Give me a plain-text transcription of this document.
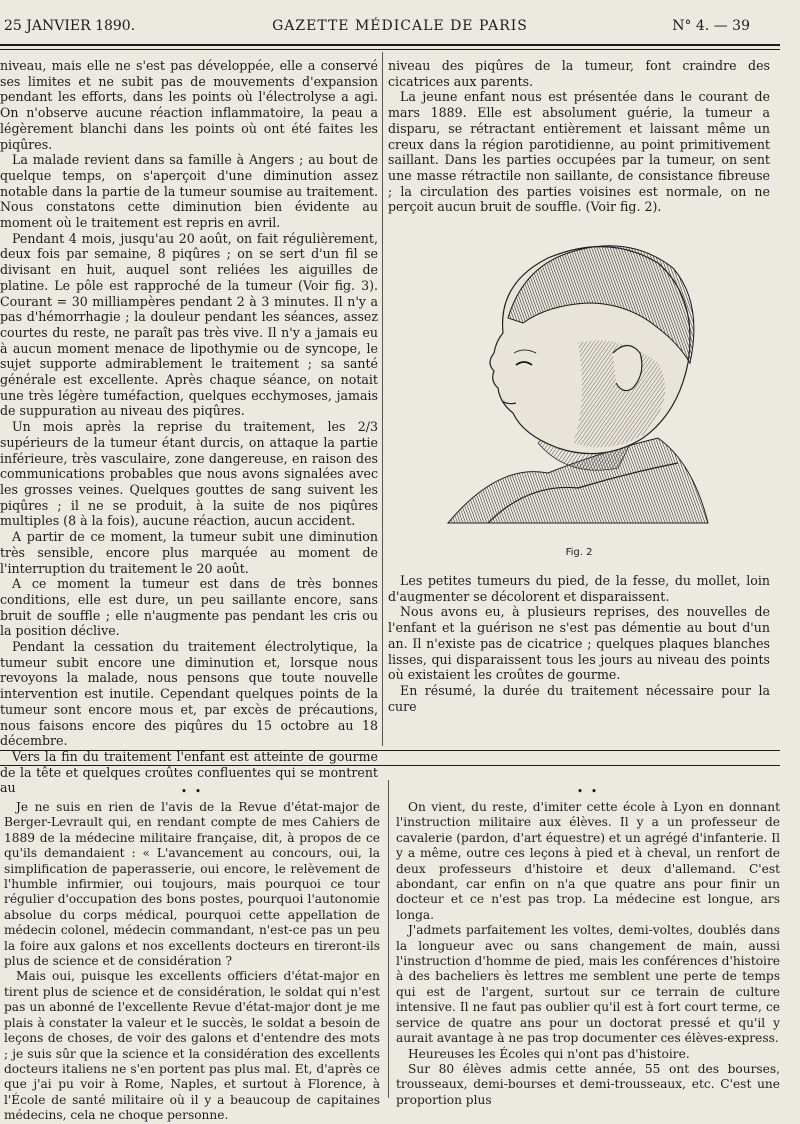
25 JANVIER 1890.	GAZETTE MÉDICALE DE PARIS	N° 4. — 39

niveau, mais elle ne s'est pas développée, elle a conservé ses limites et ne subit pas de mouvements d'expansion pendant les efforts, dans les points où l'électrolyse a agi. On n'observe aucune réaction inflammatoire, la peau a légèrement blanchi dans les points où ont été faites les piqûres.

La malade revient dans sa famille à Angers ; au bout de quelque temps, on s'aperçoit d'une diminution assez notable dans la partie de la tumeur soumise au traitement. Nous constatons cette diminution bien évidente au moment où le traitement est repris en avril.

Pendant 4 mois, jusqu'au 20 août, on fait régulièrement, deux fois par semaine, 8 piqûres ; on se sert d'un fil se divisant en huit, auquel sont reliées les aiguilles de platine. Le pôle est rapproché de la tumeur (Voir fig. 3). Courant = 30 milliampères pendant 2 à 3 minutes. Il n'y a pas d'hémorrhagie ; la douleur pendant les séances, assez courtes du reste, ne paraît pas très vive. Il n'y a jamais eu à aucun moment menace de lipothymie ou de syncope, le sujet supporte admirablement le traitement ; sa santé générale est excellente. Après chaque séance, on notait une très légère tuméfaction, quelques ecchymoses, jamais de suppuration au niveau des piqûres.

Un mois après la reprise du traitement, les 2/3 supérieurs de la tumeur étant durcis, on attaque la partie inférieure, très vasculaire, zone dangereuse, en raison des communications probables que nous avons signalées avec les grosses veines. Quelques gouttes de sang suivent les piqûres ; il ne se produit, à la suite de nos piqûres multiples (8 à la fois), aucune réaction, aucun accident.

A partir de ce moment, la tumeur subit une diminution très sensible, encore plus marquée au moment de l'interruption du traitement le 20 août.

A ce moment la tumeur est dans de très bonnes conditions, elle est dure, un peu saillante encore, sans bruit de souffle ; elle n'augmente pas pendant les cris ou la position déclive.

Pendant la cessation du traitement électrolytique, la tumeur subit encore une diminution et, lorsque nous revoyons la malade, nous pensons que toute nouvelle intervention est inutile. Cependant quelques points de la tumeur sont encore mous et, par excès de précautions, nous faisons encore des piqûres du 15 octobre au 18 décembre.

Vers la fin du traitement l'enfant est atteinte de gourme de la tête et quelques croûtes confluentes qui se montrent au

niveau des piqûres de la tumeur, font craindre des cicatrices aux parents.

La jeune enfant nous est présentée dans le courant de mars 1889. Elle est absolument guérie, la tumeur a disparu, se rétractant entièrement et laissant même un creux dans la région parotidienne, au point primitivement saillant. Dans les parties occupées par la tumeur, on sent une masse rétractile non saillante, de consistance fibreuse ; la circulation des parties voisines est normale, on ne perçoit aucun bruit de souffle. (Voir fig. 2).

Fig. 2

Les petites tumeurs du pied, de la fesse, du mollet, loin d'augmenter se décolorent et disparaissent.

Nous avons eu, à plusieurs reprises, des nouvelles de l'enfant et la guérison ne s'est pas démentie au bout d'un an. Il n'existe pas de cicatrice ; quelques plaques blanches lisses, qui disparaissent tous les jours au niveau des points où existaient les croûtes de gourme.

En résumé, la durée du traitement nécessaire pour la cure

• •

Je ne suis en rien de l'avis de la Revue d'état-major de Berger-Levrault qui, en rendant compte de mes Cahiers de 1889 de la médecine militaire française, dit, à propos de ce qu'ils demandaient : « L'avancement au concours, oui, la simplification de paperasserie, oui encore, le relèvement de l'humble infirmier, oui toujours, mais pourquoi ce tour régulier d'occupation des bons postes, pourquoi l'autonomie absolue du corps médical, pourquoi cette appellation de médecin colonel, médecin commandant, n'est-ce pas un peu la foire aux galons et nos excellents docteurs en tireront-ils plus de science et de considération ?

Mais oui, puisque les excellents officiers d'état-major en tirent plus de science et de considération, le soldat qui n'est pas un abonné de l'excellente Revue d'état-major dont je me plais à constater la valeur et le succès, le soldat a besoin de leçons de choses, de voir des galons et d'entendre des mots ; je suis sûr que la science et la considération des excellents docteurs italiens ne s'en portent pas plus mal. Et, d'après ce que j'ai pu voir à Rome, Naples, et surtout à Florence, à l'École de santé militaire où il y a beaucoup de capitaines médecins, cela ne choque personne.

• •

On vient, du reste, d'imiter cette école à Lyon en donnant l'instruction militaire aux élèves. Il y a un professeur de cavalerie (pardon, d'art équestre) et un agrégé d'infanterie. Il y a même, outre ces leçons à pied et à cheval, un renfort de deux professeurs d'histoire et deux d'allemand. C'est abondant, car enfin on n'a que quatre ans pour finir un docteur et ce n'est pas trop. La médecine est longue, ars longa.

J'admets parfaitement les voltes, demi-voltes, doublés dans la longueur avec ou sans changement de main, aussi l'instruction d'homme de pied, mais les conférences d'histoire à des bacheliers ès lettres me semblent une perte de temps qui est de l'argent, surtout sur ce terrain de culture intensive. Il ne faut pas oublier qu'il est à fort court terme, ce service de quatre ans pour un doctorat pressé et qu'il y aurait avantage à ne pas trop documenter ces élèves-express.

Heureuses les Écoles qui n'ont pas d'histoire.

Sur 80 élèves admis cette année, 55 ont des bourses, trousseaux, demi-bourses et demi-trousseaux, etc. C'est une proportion plus
